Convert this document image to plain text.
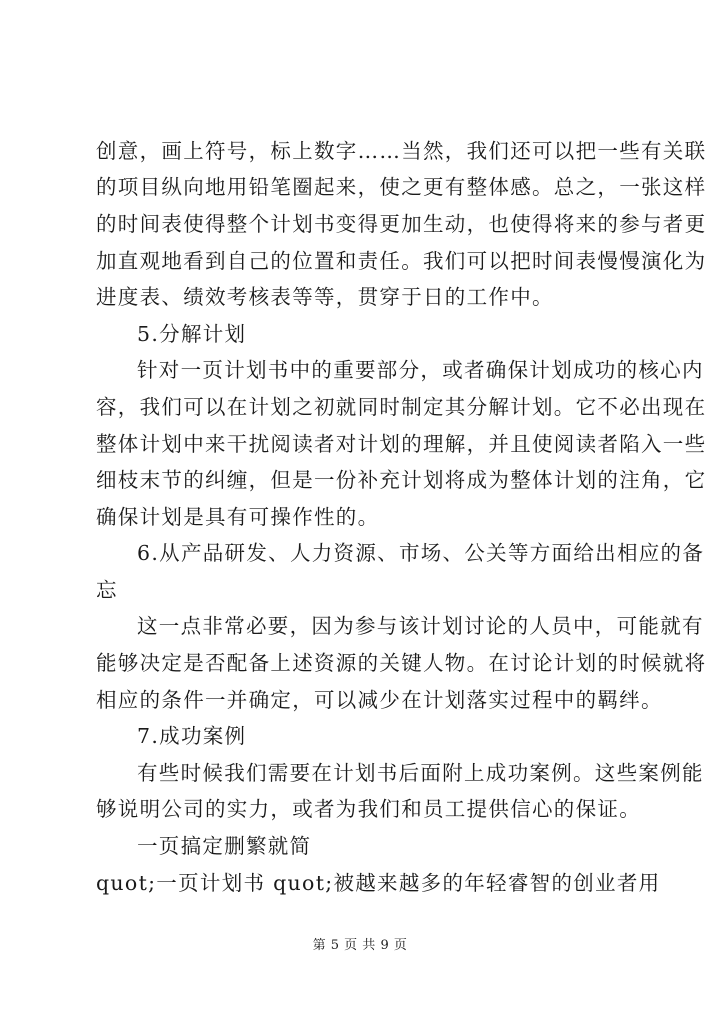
创意，画上符号，标上数字……当然，我们还可以把一些有关联
的项目纵向地用铅笔圈起来，使之更有整体感。总之，一张这样
的时间表使得整个计划书变得更加生动，也使得将来的参与者更
加直观地看到自己的位置和责任。我们可以把时间表慢慢演化为
进度表、绩效考核表等等，贯穿于日的工作中。
5.分解计划
针对一页计划书中的重要部分，或者确保计划成功的核心内
容，我们可以在计划之初就同时制定其分解计划。它不必出现在
整体计划中来干扰阅读者对计划的理解，并且使阅读者陷入一些
细枝末节的纠缠，但是一份补充计划将成为整体计划的注角，它
确保计划是具有可操作性的。
6.从产品研发、人力资源、市场、公关等方面给出相应的备
忘
这一点非常必要，因为参与该计划讨论的人员中，可能就有
能够决定是否配备上述资源的关键人物。在讨论计划的时候就将
相应的条件一并确定，可以减少在计划落实过程中的羁绊。
7.成功案例
有些时候我们需要在计划书后面附上成功案例。这些案例能
够说明公司的实力，或者为我们和员工提供信心的保证。
一页搞定删繁就简
quot;一页计划书 quot;被越来越多的年轻睿智的创业者用
第 5 页 共 9 页
